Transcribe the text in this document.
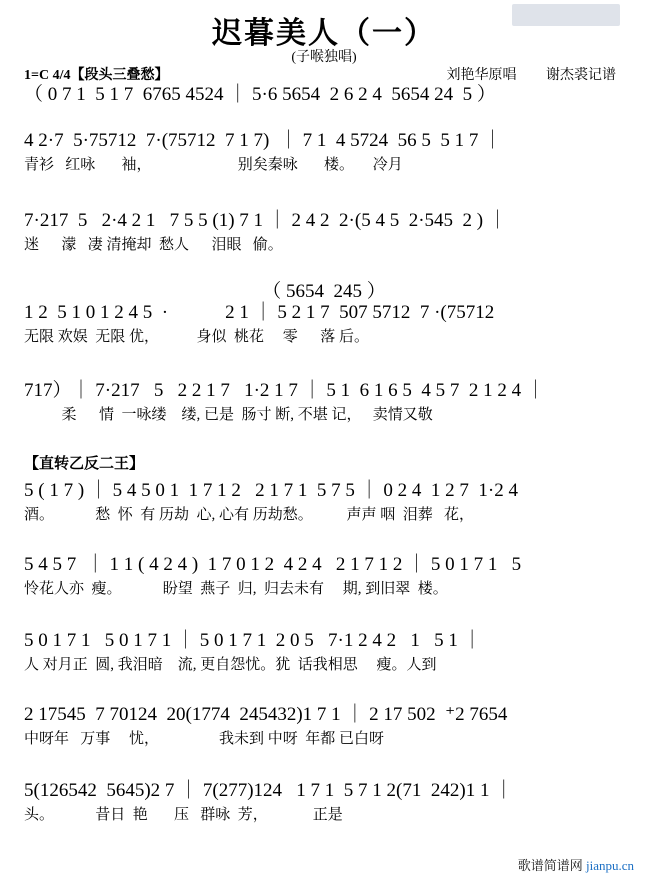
迟暮美人（一）
(子喉独唱)
1=C 4/4【段头三叠愁】	刘艳华原唱 谢杰裘记谱
（ 0 7 1  5 1 7  6765 4524 ｜ 5·6 5654  2 6 2 4  5654 24  5 ）
4 2·7  5·75712  7·(75712  7 1 7)  ｜ 7 1  4 5724  56 5  5 1 7 ｜
青衫   红咏       袖，                       别矣秦咏       楼。     冷月
7·217  5   2·4 2 1   7 5 5 (1) 7 1 ｜ 2 4 2  2·(5 4 5  2·545  2 ) ｜
迷      濛   凄 清掩却  愁人      泪眼   偷。
（ 5654  245 ）
1 2  5 1 0 1 2 4 5  ·            2 1 ｜ 5 2 1 7  507 5712  7 ·(75712
无限 欢娱  无限 优，          身似  桃花     零      落 后。
717）｜ 7·217   5   2 2 1 7   1·2 1 7 ｜ 5 1  6 1 6 5  4 5 7  2 1 2 4 ｜
柔      情  一咏缕    缕, 已是  肠寸 断, 不堪 记，   卖情又敬
【直转乙反二王】
5 ( 1 7 ) ｜ 5 4 5 0 1  1 7 1 2   2 1 7 1  5 7 5 ｜ 0 2 4  1 2 7  1·2 4
酒。           愁  怀  有 历劫  心, 心有 历劫愁。         声声 咽  泪葬   花，
5 4 5 7  ｜ 1 1 ( 4 2 4 )  1 7 0 1 2  4 2 4   2 1 7 1 2 ｜ 5 0 1 7 1   5
怜花人亦  瘦。           盼望  燕子  归,  归去未有     期, 到旧翠  楼。
5 0 1 7 1   5 0 1 7 1 ｜ 5 0 1 7 1  2 0 5   7·1 2 4 2   1   5 1 ｜
人 对月正  圆, 我泪暗    流, 更自怨忧。犹  话我相思     瘦。人到
2 17545  7 70124  20(1774  245432)1 7 1 ｜ 2 17 502  ⁺2 7654
中呀年   万事     忧，                我未到 中呀  年都 已白呀
5(126542  5645)2 7 ｜ 7(277)124   1 7 1  5 7 1 2(71  242)1 1 ｜
头。           昔日  艳       压   群咏  芳，            正是
歌谱简谱网 jianpu.cn
